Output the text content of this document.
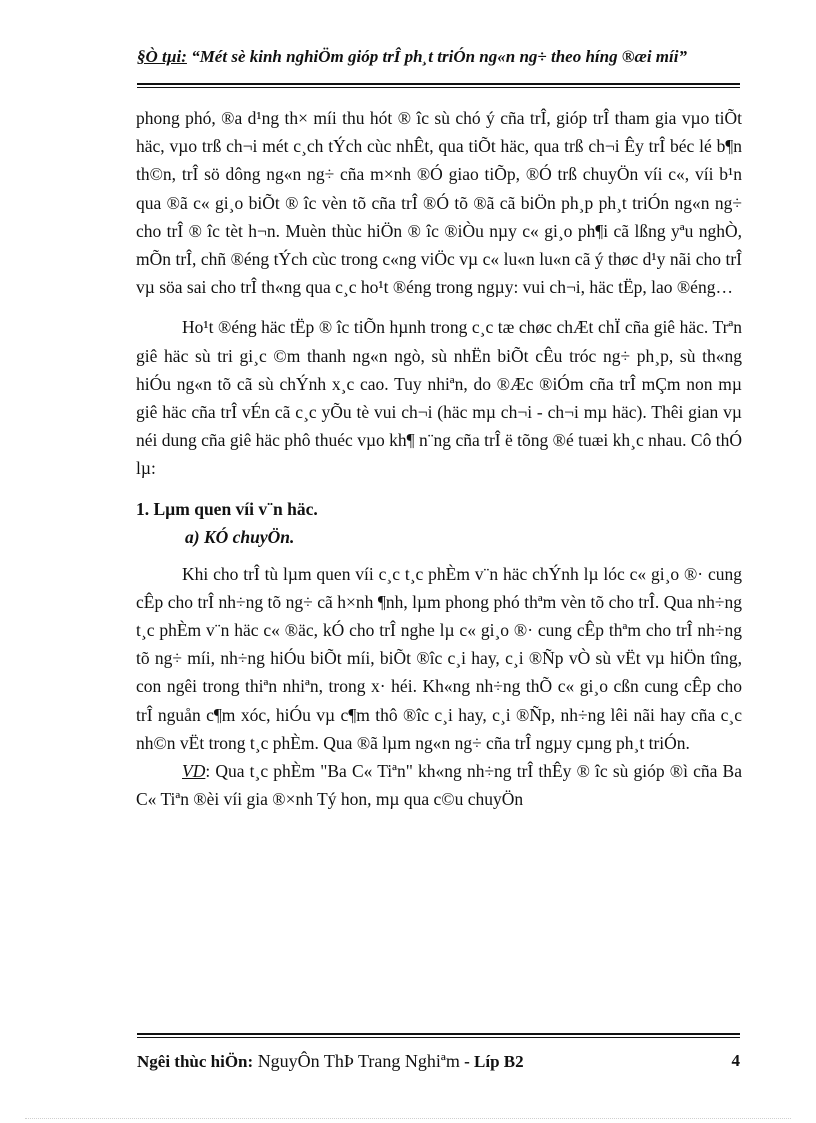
§Ò tµi: “Mét sè kinh nghiÖm gióp trÎ ph¸t triÓn ng«n ng÷ theo híng ®æi míi”

phong phó, ®a d¹ng th× míi thu hót ® îc sù chó ý cña trÎ, gióp trÎ tham gia vµo tiÕt häc, vµo trß ch¬i mét c¸ch tÝch cùc nhÊt, qua tiÕt häc, qua trß ch¬i Êy trÎ béc lé b¶n th©n, trÎ sö dông ng«n ng÷ cña m×nh ®Ó giao tiÕp, ®Ó trß chuyÖn víi c«, víi b¹n qua ®ã c« gi¸o biÕt ® îc vèn tõ cña trÎ ®Ó tõ ®ã cã biÖn ph¸p ph¸t triÓn ng«n ng÷ cho trÎ ® îc tèt h¬n. Muèn thùc hiÖn ® îc ®iÒu nµy c« gi¸o ph¶i cã lßng yªu nghÒ, mÕn trÎ, chñ ®éng tÝch cùc trong c«ng viÖc vµ c« lu«n lu«n cã ý thøc d¹y nãi cho trÎ vµ söa sai cho trÎ th«ng qua c¸c ho¹t ®éng trong ngµy: vui ch¬i, häc tËp, lao ®éng…

Ho¹t ®éng häc tËp ® îc tiÕn hµnh trong c¸c tæ chøc chÆt chÏ cña giê häc. Trªn giê häc sù tri gi¸c ©m thanh ng«n ngò, sù nhËn biÕt cÊu tróc ng÷ ph¸p, sù th«ng hiÓu ng«n tõ cã sù chÝnh x¸c cao. Tuy nhiªn, do ®Æc ®iÓm cña trÎ mÇm non mµ giê häc cña trÎ vÉn cã c¸c yÕu tè vui ch¬i (häc mµ ch¬i - ch¬i mµ häc). Thêi gian vµ néi dung cña giê häc phô thuéc vµo kh¶ n¨ng cña trÎ ë tõng ®é tuæi kh¸c nhau. Cô thÓ lµ:

1. Lµm quen víi v¨n häc.

a) KÓ chuyÖn.

Khi cho trÎ tù lµm quen víi c¸c t¸c phÈm v¨n häc chÝnh lµ lóc c« gi¸o ®· cung cÊp cho trÎ nh÷ng tõ ng÷ cã h×nh ¶nh, lµm phong phó thªm vèn tõ cho trÎ. Qua nh÷ng t¸c phÈm v¨n häc c« ®äc, kÓ cho trÎ nghe lµ c« gi¸o ®· cung cÊp thªm cho trÎ nh÷ng tõ ng÷ míi, nh÷ng hiÓu biÕt míi, biÕt ®îc c¸i hay, c¸i ®Ñp vÒ sù vËt vµ hiÖn tîng, con ngêi trong thiªn nhiªn, trong x· héi. Kh«ng nh÷ng thÕ c« gi¸o cßn cung cÊp cho trÎ nguån c¶m xóc, hiÓu vµ c¶m thô ®îc c¸i hay, c¸i ®Ñp, nh÷ng lêi nãi hay cña c¸c nh©n vËt trong t¸c phÈm. Qua ®ã lµm ng«n ng÷ cña trÎ ngµy cµng ph¸t triÓn.

VD: Qua t¸c phÈm "Ba C« Tiªn" kh«ng nh÷ng trÎ thÊy ® îc sù gióp ®ì cña Ba C« Tiªn ®èi víi gia ®×nh Tý hon, mµ qua c©u chuyÖn

Ngêi thùc hiÖn: NguyÔn ThÞ Trang Nghiªm - Líp B2	4
